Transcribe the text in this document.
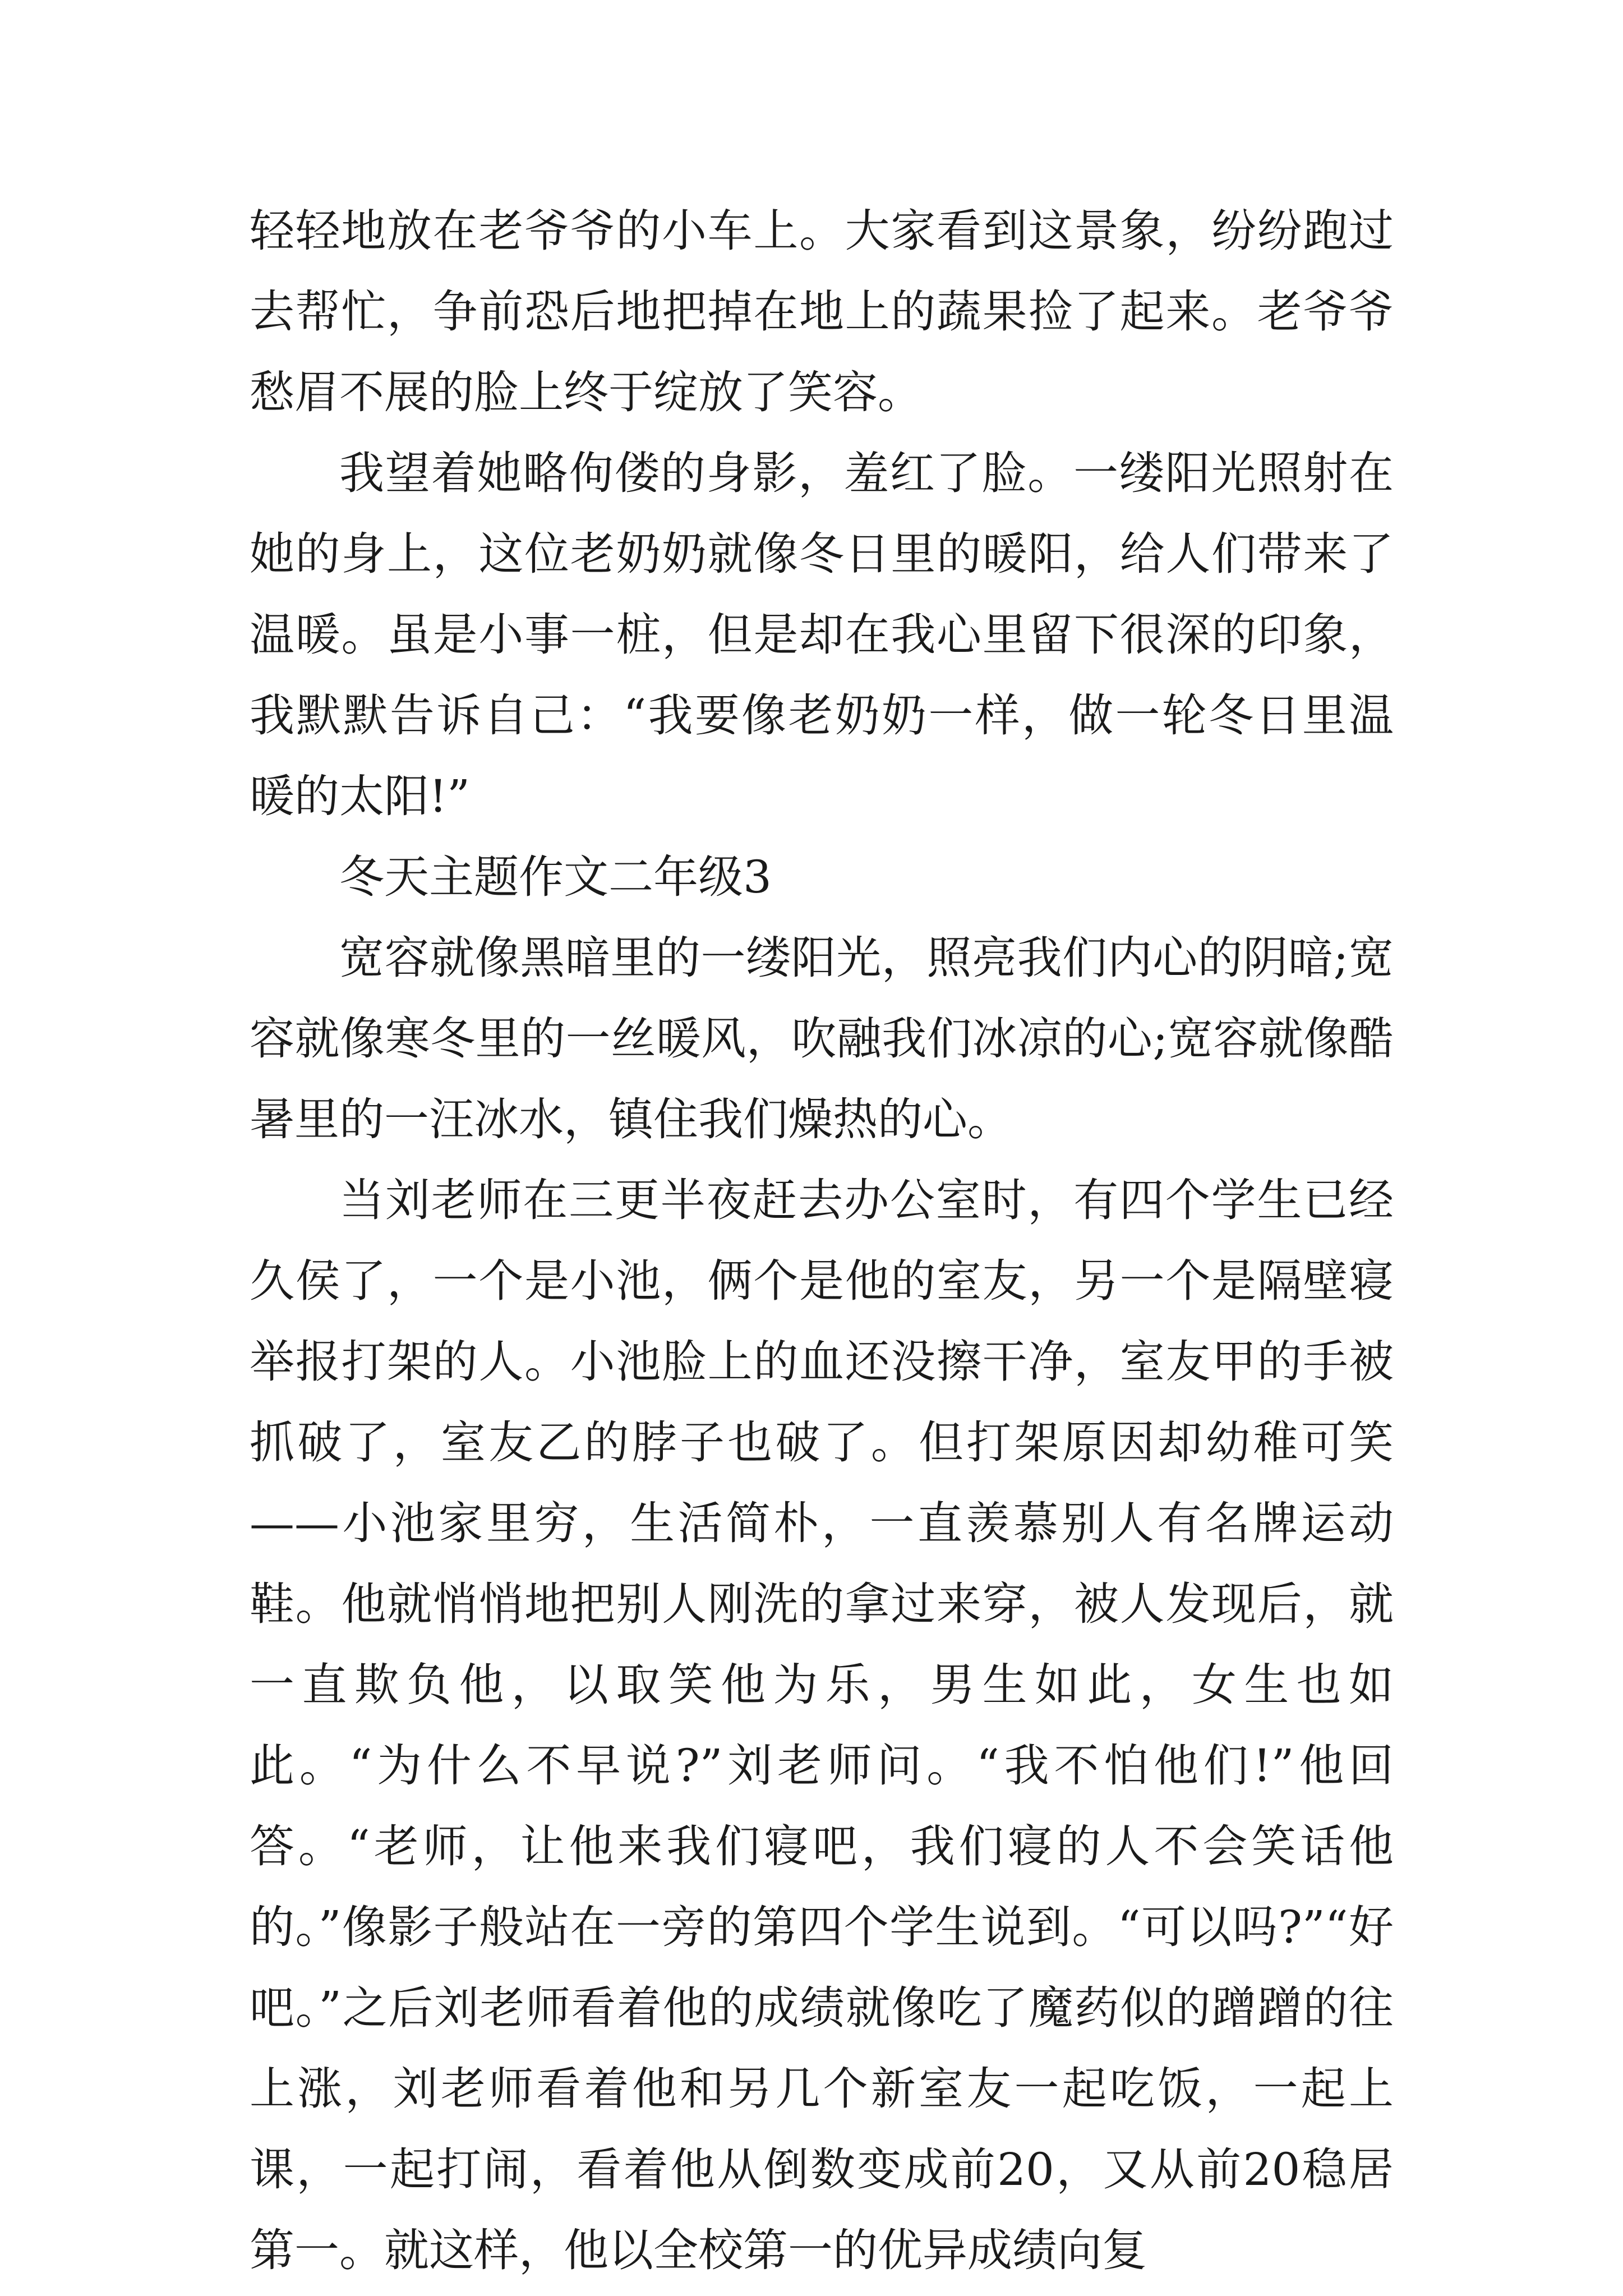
轻轻地放在老爷爷的小车上。大家看到这景象，纷纷跑过去帮忙，争前恐后地把掉在地上的蔬果捡了起来。老爷爷愁眉不展的脸上终于绽放了笑容。

我望着她略佝偻的身影，羞红了脸。一缕阳光照射在她的身上，这位老奶奶就像冬日里的暖阳，给人们带来了温暖。虽是小事一桩，但是却在我心里留下很深的印象，我默默告诉自己：“我要像老奶奶一样，做一轮冬日里温暖的太阳!”

冬天主题作文二年级3

宽容就像黑暗里的一缕阳光，照亮我们内心的阴暗;宽容就像寒冬里的一丝暖风，吹融我们冰凉的心;宽容就像酷暑里的一汪冰水，镇住我们燥热的心。

当刘老师在三更半夜赶去办公室时，有四个学生已经久侯了，一个是小池，俩个是他的室友，另一个是隔壁寝举报打架的人。小池脸上的血还没擦干净，室友甲的手被抓破了，室友乙的脖子也破了。但打架原因却幼稚可笑——小池家里穷，生活简朴，一直羡慕别人有名牌运动鞋。他就悄悄地把别人刚洗的拿过来穿，被人发现后，就一直欺负他，以取笑他为乐，男生如此，女生也如此。“为什么不早说?”刘老师问。“我不怕他们!”他回答。“老师，让他来我们寝吧，我们寝的人不会笑话他的。”像影子般站在一旁的第四个学生说到。“可以吗?”“好吧。”之后刘老师看着他的成绩就像吃了魔药似的蹭蹭的往上涨，刘老师看着他和另几个新室友一起吃饭，一起上课，一起打闹，看着他从倒数变成前20，又从前20稳居第一。就这样，他以全校第一的优异成绩向复
